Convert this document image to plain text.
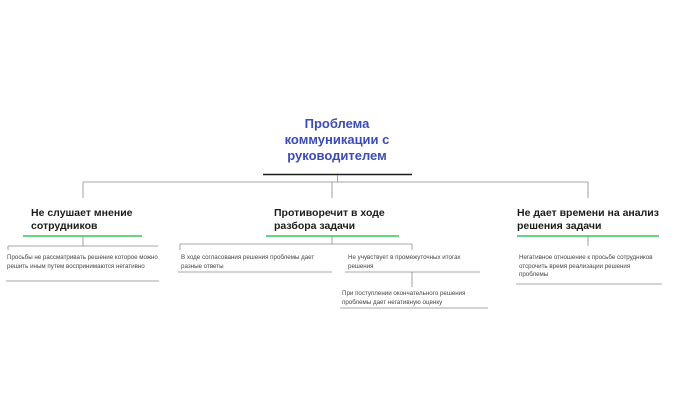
Проблема коммуникации с руководителем
Не слушает мнение сотрудников
Противоречит в ходе разбора задачи
Не дает времени на анализ решения задачи
Просьбы не рассматривать решение которое можно решить иным путем воспринимаются негативно
В ходе согласования решения проблемы дает разные ответы
Не учувствует в промежуточных итогах решения
При поступлении окончательного решения проблемы дает негативную оценку
Негативное отношение к просьбе сотрудников отсрочить время реализации решения проблемы
